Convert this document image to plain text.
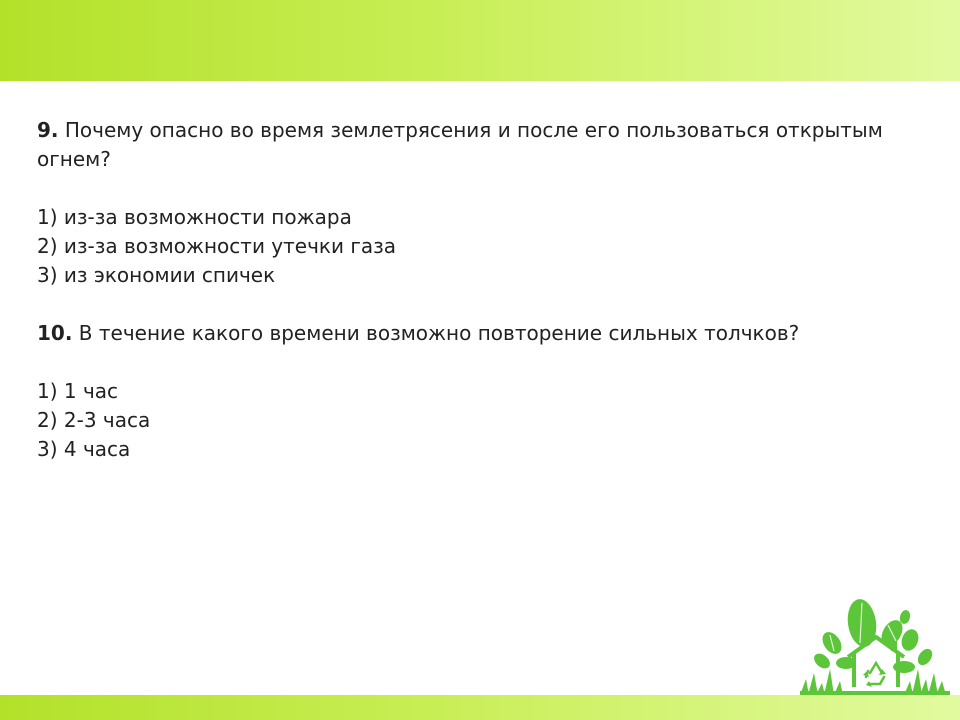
9. Почему опасно во время землетрясения и после его пользоваться открытым огнем?

1) из-за возможности пожара
2) из-за возможности утечки газа
3) из экономии спичек

10. В течение какого времени возможно повторение сильных толчков?

1) 1 час
2) 2-3 часа
3) 4 часа
